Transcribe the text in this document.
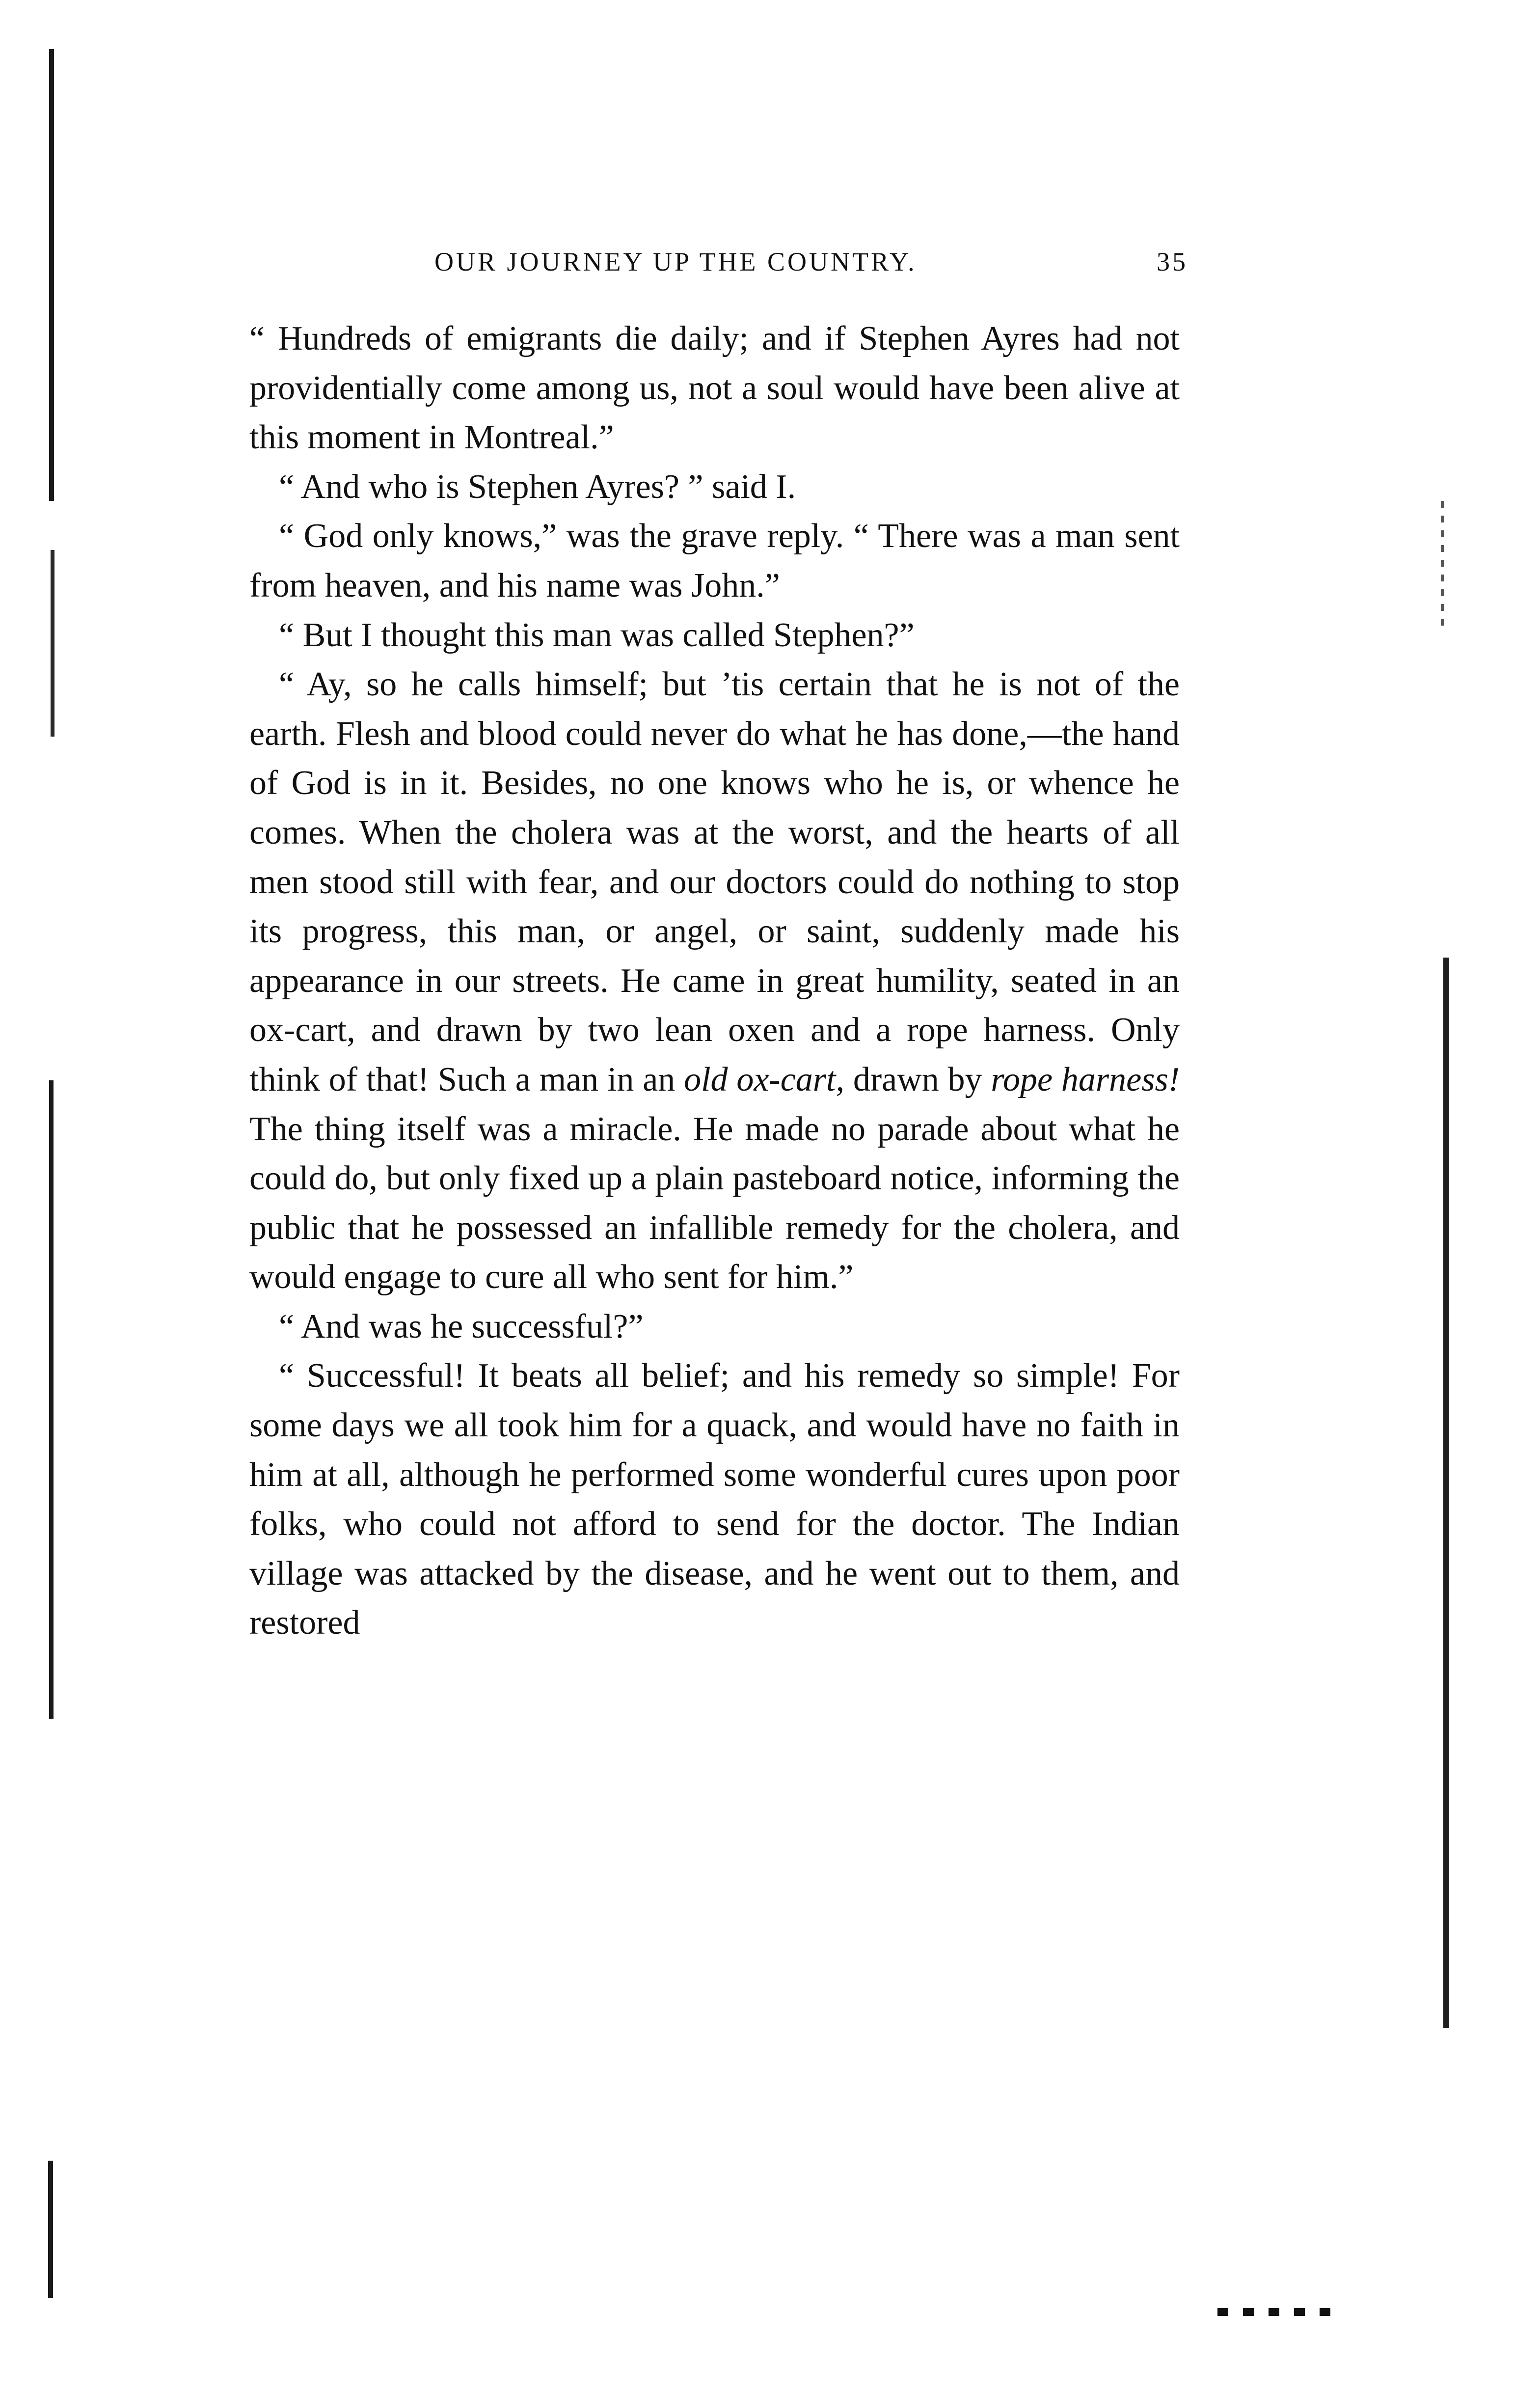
OUR JOURNEY UP THE COUNTRY.	35

“ Hundreds of emigrants die daily; and if Stephen Ayres had not providentially come among us, not a soul would have been alive at this moment in Montreal.”

“ And who is Stephen Ayres? ” said I.

“ God only knows,” was the grave reply. “ There was a man sent from heaven, and his name was John.”

“ But I thought this man was called Stephen?”

“ Ay, so he calls himself; but ’tis certain that he is not of the earth. Flesh and blood could never do what he has done,—the hand of God is in it. Besides, no one knows who he is, or whence he comes. When the cholera was at the worst, and the hearts of all men stood still with fear, and our doctors could do nothing to stop its progress, this man, or angel, or saint, suddenly made his appearance in our streets. He came in great humility, seated in an ox-cart, and drawn by two lean oxen and a rope harness. Only think of that! Such a man in an old ox-cart, drawn by rope harness! The thing itself was a miracle. He made no parade about what he could do, but only fixed up a plain pasteboard notice, informing the public that he possessed an infallible remedy for the cholera, and would engage to cure all who sent for him.”

“ And was he successful?”

“ Successful! It beats all belief; and his remedy so simple! For some days we all took him for a quack, and would have no faith in him at all, although he performed some wonderful cures upon poor folks, who could not afford to send for the doctor. The Indian village was attacked by the disease, and he went out to them, and restored
